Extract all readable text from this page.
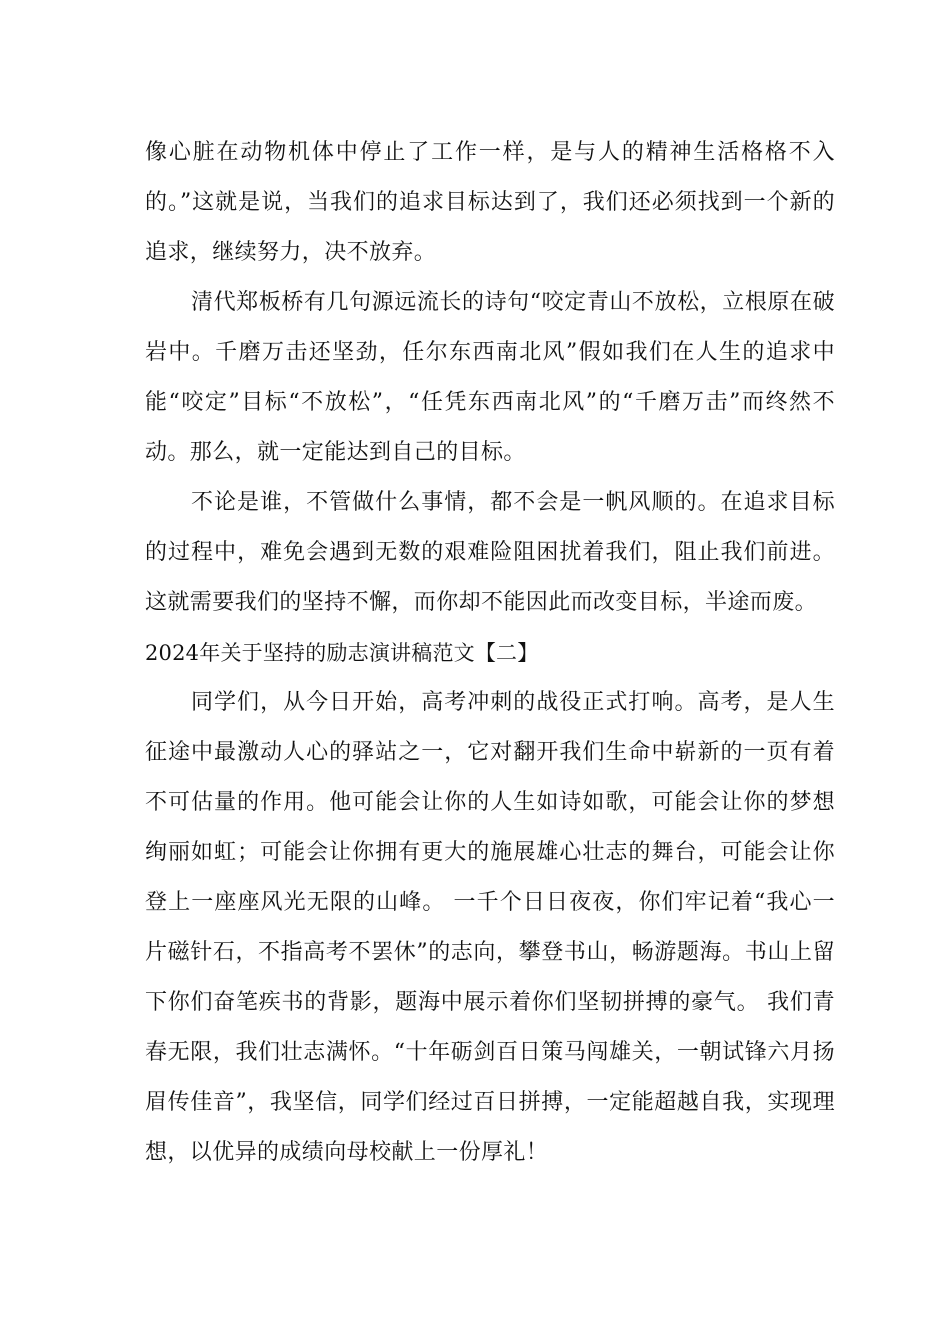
像心脏在动物机体中停止了工作一样，是与人的精神生活格格不入的。”这就是说，当我们的追求目标达到了，我们还必须找到一个新的追求，继续努力，决不放弃。

清代郑板桥有几句源远流长的诗句“咬定青山不放松，立根原在破岩中。千磨万击还坚劲，任尔东西南北风”假如我们在人生的追求中能“咬定”目标“不放松”，“任凭东西南北风”的“千磨万击”而终然不动。那么，就一定能达到自己的目标。

不论是谁，不管做什么事情，都不会是一帆风顺的。在追求目标的过程中，难免会遇到无数的艰难险阻困扰着我们，阻止我们前进。这就需要我们的坚持不懈，而你却不能因此而改变目标，半途而废。

2024年关于坚持的励志演讲稿范文【二】

同学们，从今日开始，高考冲刺的战役正式打响。高考，是人生征途中最激动人心的驿站之一，它对翻开我们生命中崭新的一页有着不可估量的作用。他可能会让你的人生如诗如歌，可能会让你的梦想绚丽如虹；可能会让你拥有更大的施展雄心壮志的舞台，可能会让你登上一座座风光无限的山峰。 一千个日日夜夜，你们牢记着“我心一片磁针石，不指高考不罢休”的志向，攀登书山，畅游题海。书山上留下你们奋笔疾书的背影，题海中展示着你们坚韧拼搏的豪气。 我们青春无限，我们壮志满怀。“十年砺剑百日策马闯雄关，一朝试锋六月扬眉传佳音”，我坚信，同学们经过百日拼搏，一定能超越自我，实现理想，以优异的成绩向母校献上一份厚礼！
